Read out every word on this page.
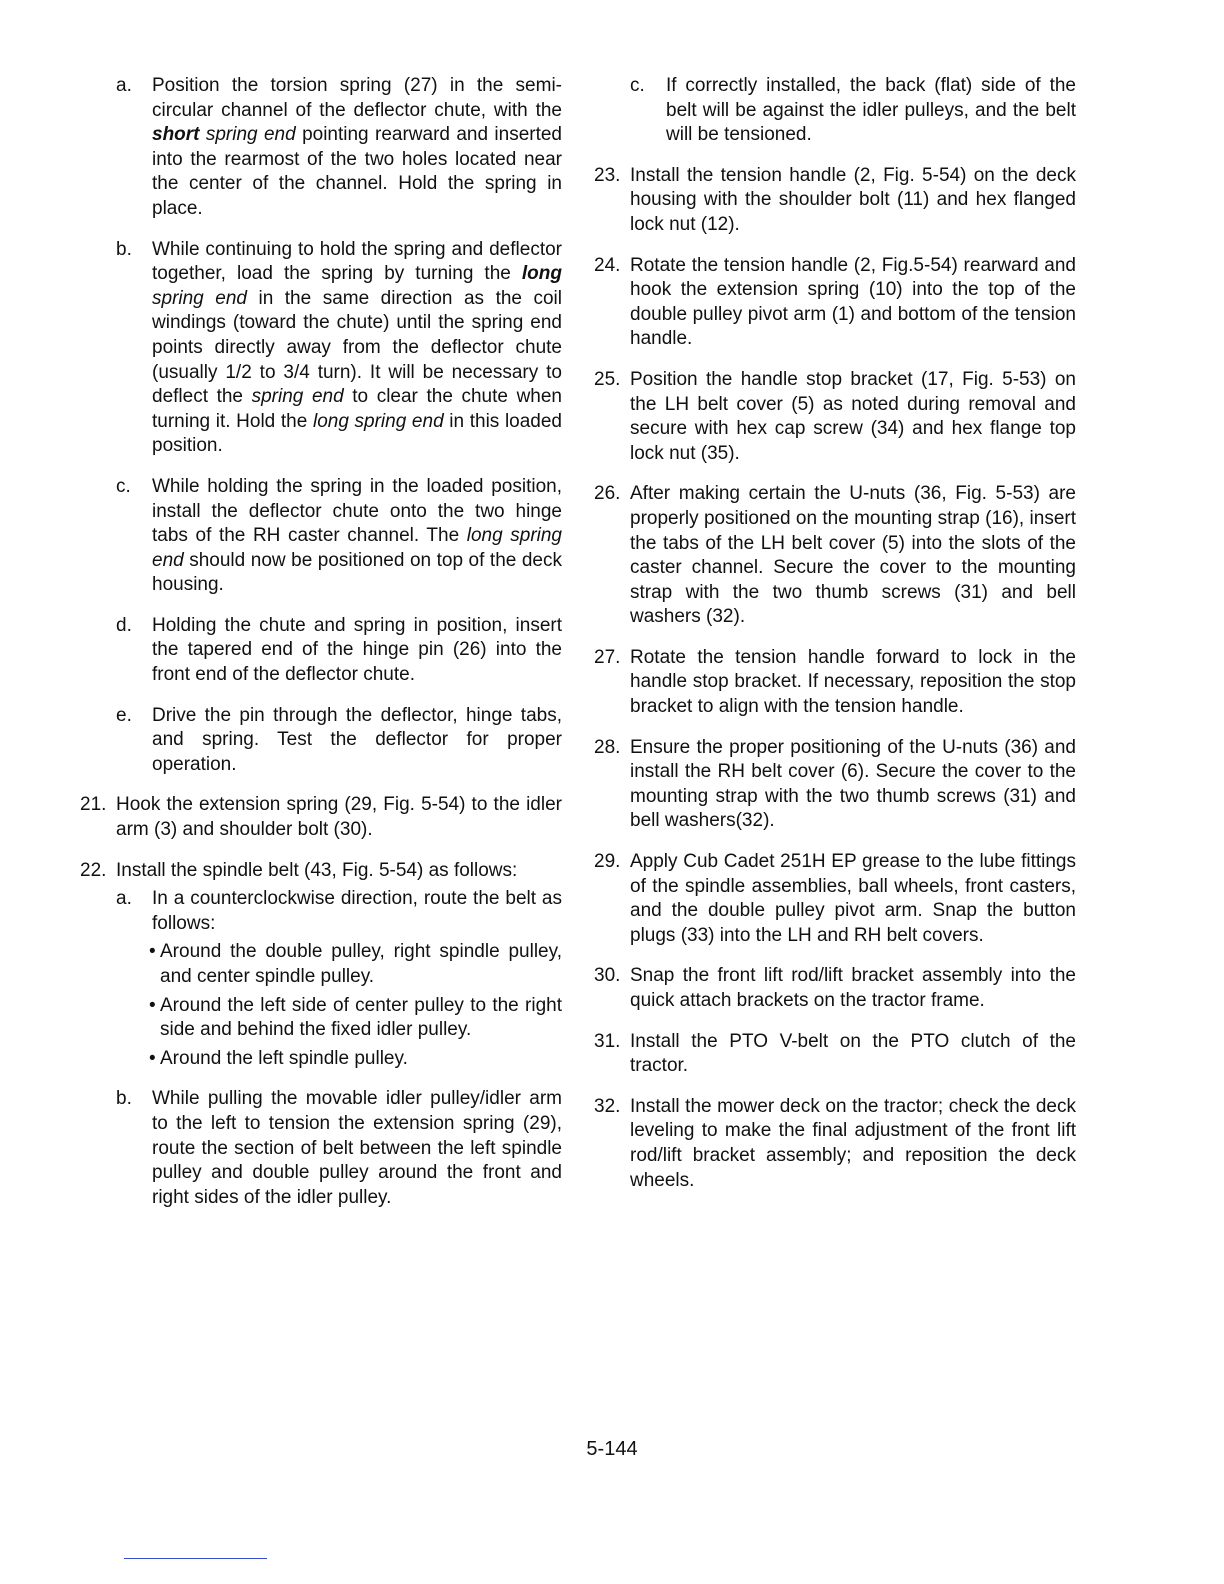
a. Position the torsion spring (27) in the semi-circular channel of the deflector chute, with the short spring end pointing rearward and inserted into the rearmost of the two holes located near the center of the channel. Hold the spring in place.
b. While continuing to hold the spring and deflector together, load the spring by turning the long spring end in the same direction as the coil windings (toward the chute) until the spring end points directly away from the deflector chute (usually 1/2 to 3/4 turn). It will be necessary to deflect the spring end to clear the chute when turning it. Hold the long spring end in this loaded position.
c. While holding the spring in the loaded position, install the deflector chute onto the two hinge tabs of the RH caster channel. The long spring end should now be positioned on top of the deck housing.
d. Holding the chute and spring in position, insert the tapered end of the hinge pin (26) into the front end of the deflector chute.
e. Drive the pin through the deflector, hinge tabs, and spring. Test the deflector for proper operation.
21. Hook the extension spring (29, Fig. 5-54) to the idler arm (3) and shoulder bolt (30).
22. Install the spindle belt (43, Fig. 5-54) as follows:
a. In a counterclockwise direction, route the belt as follows:
• Around the double pulley, right spindle pulley, and center spindle pulley.
• Around the left side of center pulley to the right side and behind the fixed idler pulley.
• Around the left spindle pulley.
b. While pulling the movable idler pulley/idler arm to the left to tension the extension spring (29), route the section of belt between the left spindle pulley and double pulley around the front and right sides of the idler pulley.
c. If correctly installed, the back (flat) side of the belt will be against the idler pulleys, and the belt will be tensioned.
23. Install the tension handle (2, Fig. 5-54) on the deck housing with the shoulder bolt (11) and hex flanged lock nut (12).
24. Rotate the tension handle (2, Fig.5-54) rearward and hook the extension spring (10) into the top of the double pulley pivot arm (1) and bottom of the tension handle.
25. Position the handle stop bracket (17, Fig. 5-53) on the LH belt cover (5) as noted during removal and secure with hex cap screw (34) and hex flange top lock nut (35).
26. After making certain the U-nuts (36, Fig. 5-53) are properly positioned on the mounting strap (16), insert the tabs of the LH belt cover (5) into the slots of the caster channel. Secure the cover to the mounting strap with the two thumb screws (31) and bell washers (32).
27. Rotate the tension handle forward to lock in the handle stop bracket. If necessary, reposition the stop bracket to align with the tension handle.
28. Ensure the proper positioning of the U-nuts (36) and install the RH belt cover (6). Secure the cover to the mounting strap with the two thumb screws (31) and bell washers(32).
29. Apply Cub Cadet 251H EP grease to the lube fittings of the spindle assemblies, ball wheels, front casters, and the double pulley pivot arm. Snap the button plugs (33) into the LH and RH belt covers.
30. Snap the front lift rod/lift bracket assembly into the quick attach brackets on the tractor frame.
31. Install the PTO V-belt on the PTO clutch of the tractor.
32. Install the mower deck on the tractor; check the deck leveling to make the final adjustment of the front lift rod/lift bracket assembly; and reposition the deck wheels.
5-144
